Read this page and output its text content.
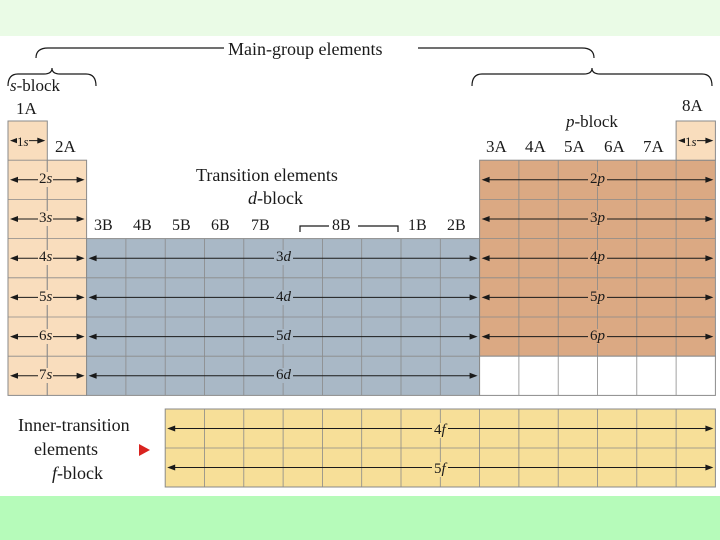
Main-group elements
s-block
p-block
1A
2A
3B 4B 5B 6B 7B	8B	1B 2B
3A 4A 5A 6A 7A
8A
Transition elements
d-block
Inner-transition
elements
f-block
1s
2s
3s
4s
5s
6s
7s
1s
3d
4d
5d
6d
2p
3p
4p
5p
6p
4f
5f
